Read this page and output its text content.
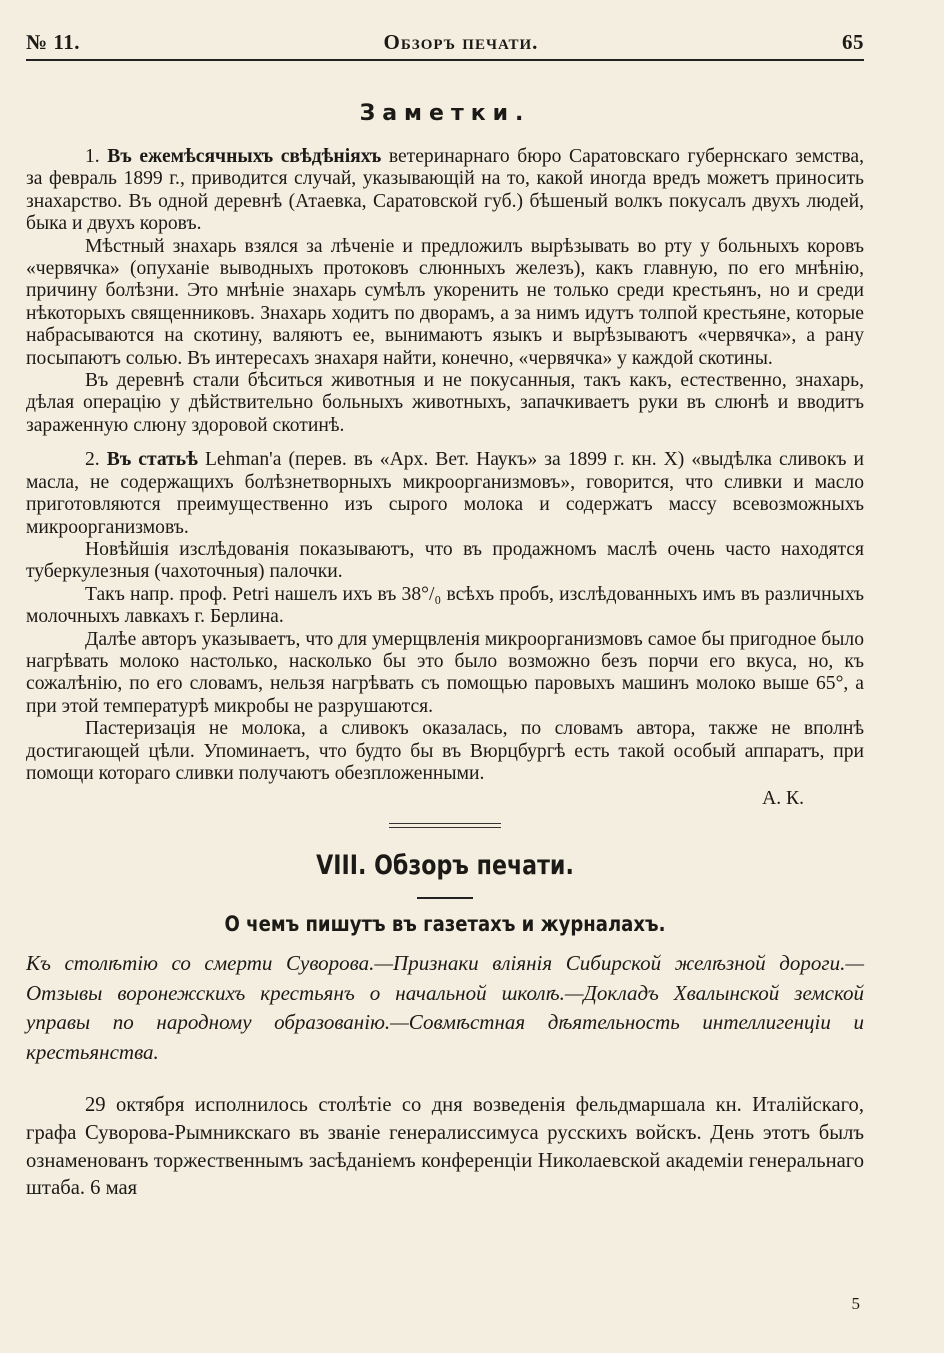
№ 11.	Обзоръ печати.	65
Заметки.

1. Въ ежемѣсячныхъ свѣдѣніяхъ ветеринарнаго бюро Саратовскаго губернскаго земства, за февраль 1899 г., приводится случай, указывающій на то, какой иногда вредъ можетъ приносить знахарство. Въ одной деревнѣ (Атаевка, Саратовской губ.) бѣшеный волкъ покусалъ двухъ людей, быка и двухъ коровъ.

Мѣстный знахарь взялся за лѣченіе и предложилъ вырѣзывать во рту у больныхъ коровъ «червячка» (опуханіе выводныхъ протоковъ слюнныхъ железъ), какъ главную, по его мнѣнію, причину болѣзни. Это мнѣніе знахарь сумѣлъ укоренить не только среди крестьянъ, но и среди нѣкоторыхъ священниковъ. Знахарь ходитъ по дворамъ, а за нимъ идутъ толпой крестьяне, которые набрасываются на скотину, валяютъ ее, вынимаютъ языкъ и вырѣзываютъ «червячка», а рану посыпаютъ солью. Въ интересахъ знахаря найти, конечно, «червячка» у каждой скотины.

Въ деревнѣ стали бѣситься животныя и не покусанныя, такъ какъ, естественно, знахарь, дѣлая операцію у дѣйствительно больныхъ животныхъ, запачкиваетъ руки въ слюнѣ и вводитъ зараженную слюну здоровой скотинѣ.

2. Въ статьѣ Lehman'а (перев. въ «Арх. Вет. Наукъ» за 1899 г. кн. X) «выдѣлка сливокъ и масла, не содержащихъ болѣзнетворныхъ микроорганизмовъ», говорится, что сливки и масло приготовляются преимущественно изъ сырого молока и содержатъ массу всевозможныхъ микроорганизмовъ.

Новѣйшія изслѣдованія показываютъ, что въ продажномъ маслѣ очень часто находятся туберкулезныя (чахоточныя) палочки.

Такъ напр. проф. Petri нашелъ ихъ въ 38°/₀ всѣхъ пробъ, изслѣдованныхъ имъ въ различныхъ молочныхъ лавкахъ г. Берлина.

Далѣе авторъ указываетъ, что для умерщвленія микроорганизмовъ самое бы пригодное было нагрѣвать молоко настолько, насколько бы это было возможно безъ порчи его вкуса, но, къ сожалѣнію, по его словамъ, нельзя нагрѣвать съ помощью паровыхъ машинъ молоко выше 65°, а при этой температурѣ микробы не разрушаются.

Пастеризація не молока, а сливокъ оказалась, по словамъ автора, также не вполнѣ достигающей цѣли. Упоминаетъ, что будто бы въ Вюрцбургѣ есть такой особый аппаратъ, при помощи котораго сливки получаютъ обезпложенными.

А. К.
VIII. Обзоръ печати.
О чемъ пишутъ въ газетахъ и журналахъ.
Къ столѣтію со смерти Суворова.—Признаки вліянія Сибирской желѣзной дороги.—Отзывы воронежскихъ крестьянъ о начальной школѣ.—Докладъ Хвалынской земской управы по народному образованію.—Совмѣстная дѣятельность интеллигенціи и крестьянства.

29 октября исполнилось столѣтіе со дня возведенія фельдмаршала кн. Италійскаго, графа Суворова-Рымникскаго въ званіе генералиссимуса русскихъ войскъ. День этотъ былъ ознаменованъ торжественнымъ засѣданіемъ конференціи Николаевской академіи генеральнаго штаба. 6 мая

5
